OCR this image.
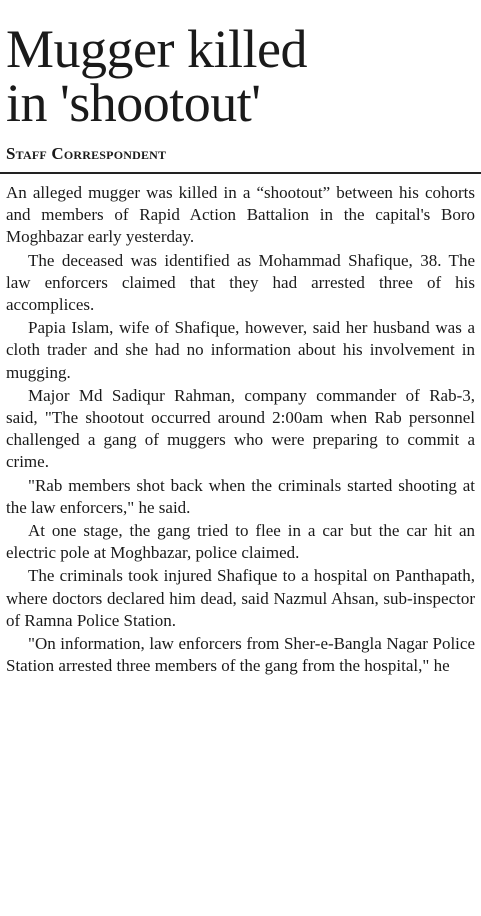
Mugger killed
in 'shootout'
Staff Correspondent

An alleged mugger was killed in a “shootout” between his cohorts and members of Rapid Action Battalion in the capital's Boro Moghbazar early yesterday.

The deceased was identified as Mohammad Shafique, 38. The law enforcers claimed that they had arrested three of his accomplices.

Papia Islam, wife of Shafique, however, said her husband was a cloth trader and she had no information about his involvement in mugging.

Major Md Sadiqur Rahman, company commander of Rab-3, said, "The shootout occurred around 2:00am when Rab personnel challenged a gang of muggers who were preparing to commit a crime.

"Rab members shot back when the criminals started shooting at the law enforcers," he said.

At one stage, the gang tried to flee in a car but the car hit an electric pole at Moghbazar, police claimed.

The criminals took injured Shafique to a hospital on Panthapath, where doctors declared him dead, said Nazmul Ahsan, sub-inspector of Ramna Police Station.

"On information, law enforcers from Sher-e-Bangla Nagar Police Station arrested three members of the gang from the hospital," he
